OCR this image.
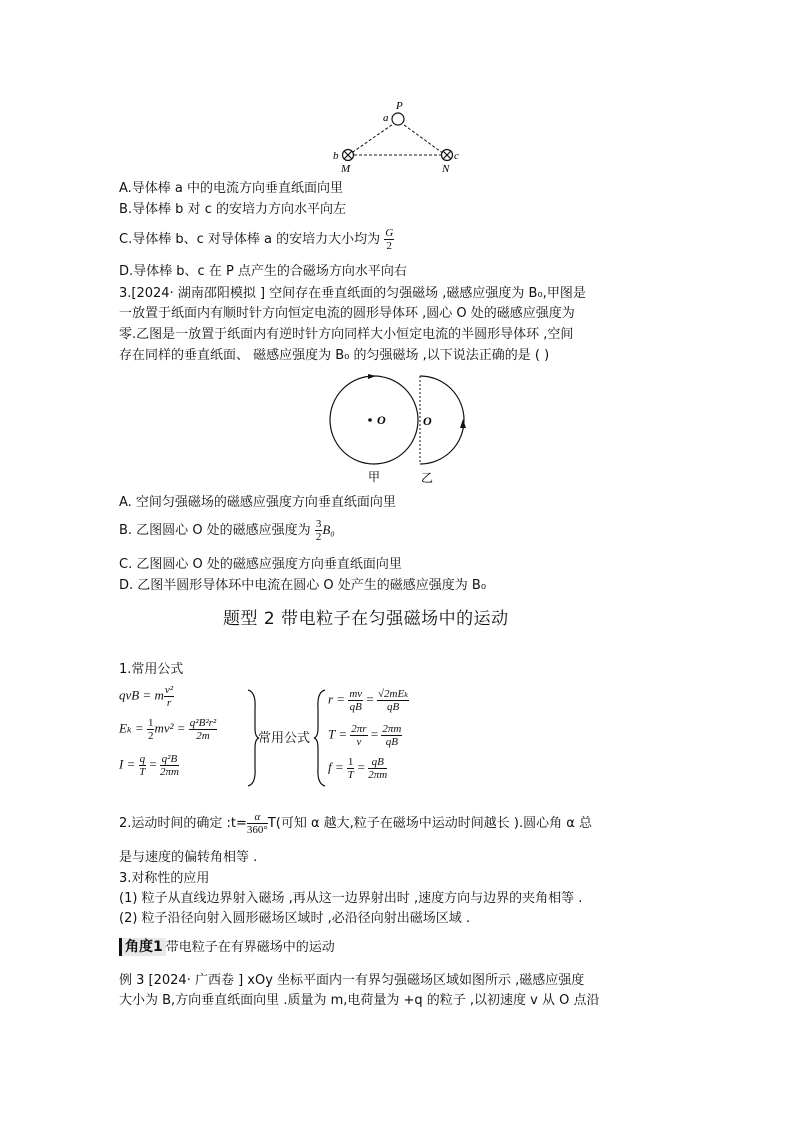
P
a
b	c
M	N
A.导体棒 a 中的电流方向垂直纸面向里
B.导体棒 b 对 c 的安培力方向水平向左
C.导体棒 b、c 对导体棒 a 的安培力大小均为 $\frac{G}{2}$
D.导体棒 b、c 在 P 点产生的合磁场方向水平向右
3.[2024· 湖南邵阳模拟 ] 空间存在垂直纸面的匀强磁场 ,磁感应强度为 B₀,甲图是
一放置于纸面内有顺时针方向恒定电流的圆形导体环 ,圆心 O 处的磁感应强度为
零.乙图是一放置于纸面内有逆时针方向同样大小恒定电流的半圆形导体环 ,空间
存在同样的垂直纸面、 磁感应强度为 B₀ 的匀强磁场 ,以下说法正确的是 ( )
O	O
甲	乙
A. 空间匀强磁场的磁感应强度方向垂直纸面向里
B. 乙图圆心 O 处的磁感应强度为 $\frac{3}{2} B_0$
C. 乙图圆心 O 处的磁感应强度方向垂直纸面向里
D. 乙图半圆形导体环中电流在圆心 O 处产生的磁感应强度为 B₀
题型 2 带电粒子在匀强磁场中的运动
1.常用公式
qvB = m $\frac{\text{v²}}{r}$
$E_k = \frac{1}{2} mv^2 = \frac{\text{q²B²r²}}{2m}$
$I = \frac{q}{T} = \frac{\text{q²B}}{2\pi m}$
常用公式
$r = \frac{mv}{qB} = \frac{\text{√2mEₖ}}{qB}$
$T = \frac{2\pi r}{v} = \frac{2\pi m}{qB}$
$f = \frac{1}{T} = \frac{qB}{2\pi m}$
2.运动时间的确定 :t= $\frac{\alpha}{360^\circ} T$(可知 α 越大,粒子在磁场中运动时间越长 ).圆心角 α 总
是与速度的偏转角相等 .
3.对称性的应用
(1) 粒子从直线边界射入磁场 ,再从这一边界射出时 ,速度方向与边界的夹角相等 .
(2) 粒子沿径向射入圆形磁场区域时 ,必沿径向射出磁场区域 .
角度1 带电粒子在有界磁场中的运动
例 3 [2024· 广西卷 ] xOy 坐标平面内一有界匀强磁场区域如图所示 ,磁感应强度
大小为 B,方向垂直纸面向里 .质量为 m,电荷量为 +q 的粒子 ,以初速度 v 从 O 点沿
